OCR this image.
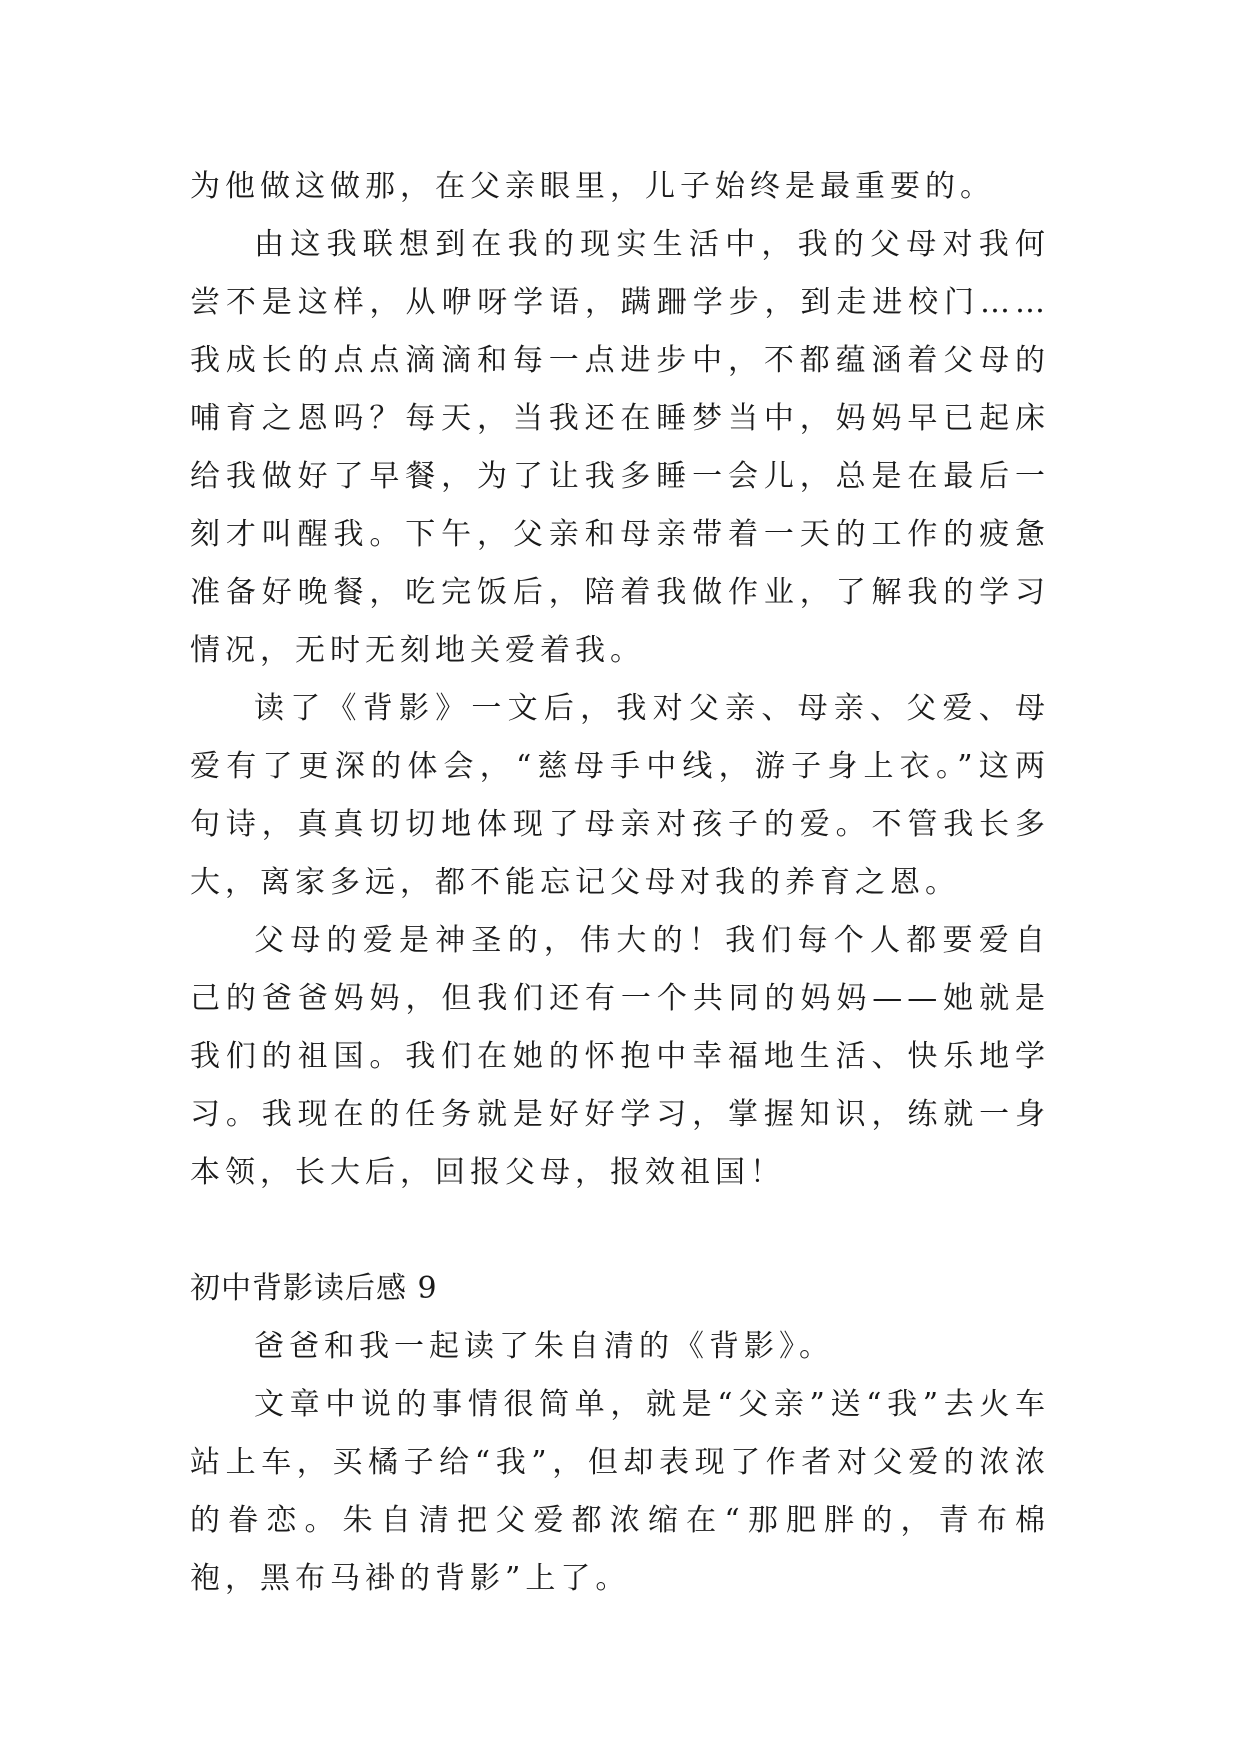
为他做这做那，在父亲眼里，儿子始终是最重要的。

由这我联想到在我的现实生活中，我的父母对我何尝不是这样，从咿呀学语，蹒跚学步，到走进校门……我成长的点点滴滴和每一点进步中，不都蕴涵着父母的哺育之恩吗？每天，当我还在睡梦当中，妈妈早已起床给我做好了早餐，为了让我多睡一会儿，总是在最后一刻才叫醒我。下午，父亲和母亲带着一天的工作的疲惫准备好晚餐，吃完饭后，陪着我做作业，了解我的学习情况，无时无刻地关爱着我。

读了《背影》一文后，我对父亲、母亲、父爱、母爱有了更深的体会，“慈母手中线，游子身上衣。”这两句诗，真真切切地体现了母亲对孩子的爱。不管我长多大，离家多远，都不能忘记父母对我的养育之恩。

父母的爱是神圣的，伟大的！我们每个人都要爱自己的爸爸妈妈，但我们还有一个共同的妈妈——她就是我们的祖国。我们在她的怀抱中幸福地生活、快乐地学习。我现在的任务就是好好学习，掌握知识，练就一身本领，长大后，回报父母，报效祖国！

初中背影读后感 9

爸爸和我一起读了朱自清的《背影》。

文章中说的事情很简单，就是“父亲”送“我”去火车站上车，买橘子给“我”，但却表现了作者对父爱的浓浓的眷恋。朱自清把父爱都浓缩在“那肥胖的，青布棉袍，黑布马褂的背影”上了。
